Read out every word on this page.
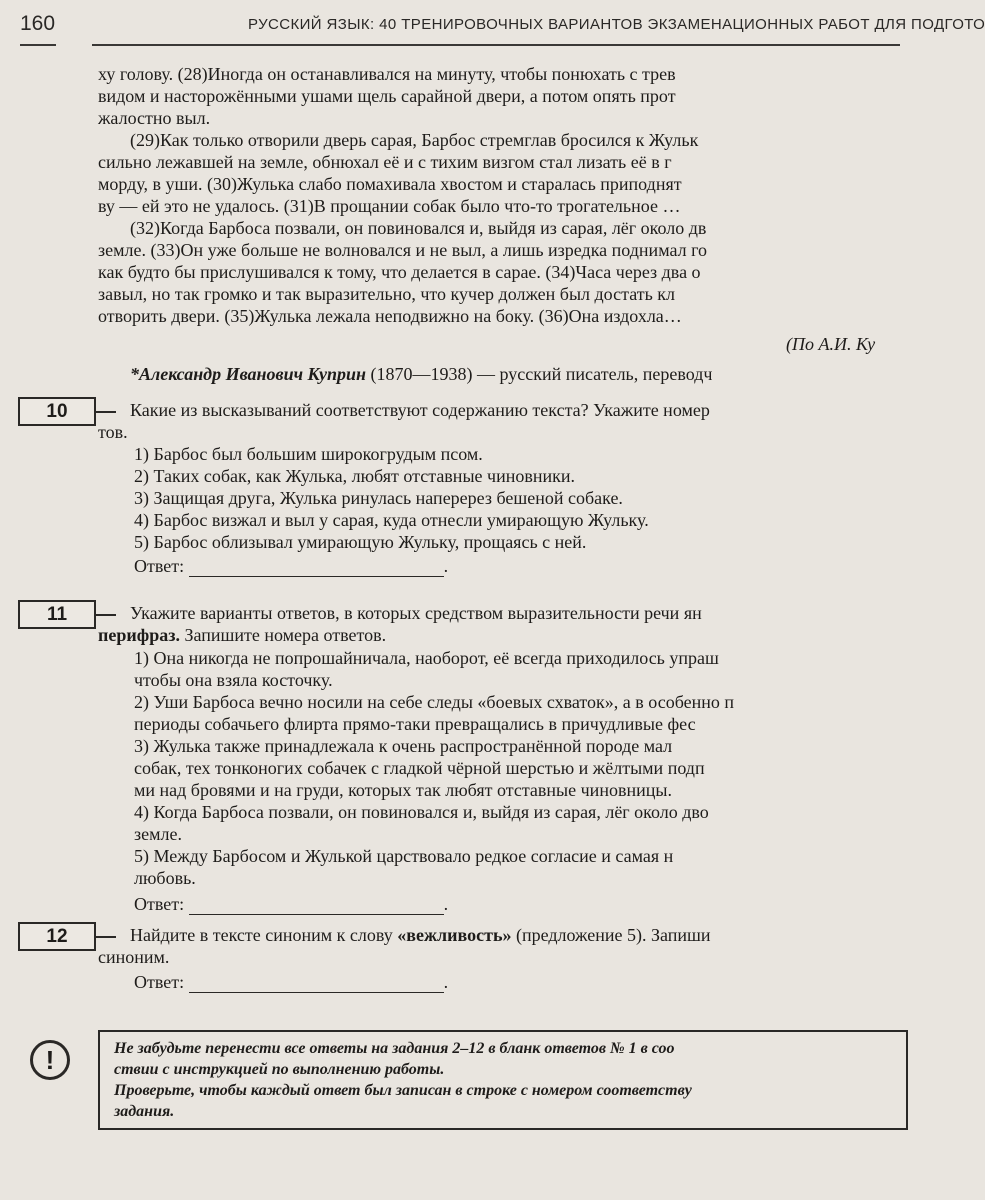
160	РУССКИЙ ЯЗЫК: 40 ТРЕНИРОВОЧНЫХ ВАРИАНТОВ ЭКЗАМЕНАЦИОННЫХ РАБОТ ДЛЯ ПОДГОТО
ху голову. (28)Иногда он останавливался на минуту, чтобы понюхать с трев
видом и насторожёнными ушами щель сарайной двери, а потом опять прот
жалостно выл.
(29)Как только отворили дверь сарая, Барбос стремглав бросился к Жульк
сильно лежавшей на земле, обнюхал её и с тихим визгом стал лизать её в г
морду, в уши. (30)Жулька слабо помахивала хвостом и старалась приподнят
ву — ей это не удалось. (31)В прощании собак было что-то трогательное …
(32)Когда Барбоса позвали, он повиновался и, выйдя из сарая, лёг около дв
земле. (33)Он уже больше не волновался и не выл, а лишь изредка поднимал го
как будто бы прислушивался к тому, что делается в сарае. (34)Часа через два о
завыл, но так громко и так выразительно, что кучер должен был достать кл
отворить двери. (35)Жулька лежала неподвижно на боку. (36)Она издохла…
(По А.И. Ку
*Александр Иванович Куприн (1870—1938) — русский писатель, переводч
10	Какие из высказываний соответствуют содержанию текста? Укажите номер
тов.
1) Барбос был большим широкогрудым псом.
2) Таких собак, как Жулька, любят отставные чиновники.
3) Защищая друга, Жулька ринулась наперерез бешеной собаке.
4) Барбос визжал и выл у сарая, куда отнесли умирающую Жульку.
5) Барбос облизывал умирающую Жульку, прощаясь с ней.
Ответ:	.
11	Укажите варианты ответов, в которых средством выразительности речи ян
перифраз. Запишите номера ответов.
1) Она никогда не попрошайничала, наоборот, её всегда приходилось упраш
чтобы она взяла косточку.
2) Уши Барбоса вечно носили на себе следы «боевых схваток», а в особенно п
периоды собачьего флирта прямо-таки превращались в причудливые фес
3) Жулька также принадлежала к очень распространённой породе мал
собак, тех тонконогих собачек с гладкой чёрной шерстью и жёлтыми подп
ми над бровями и на груди, которых так любят отставные чиновницы.
4) Когда Барбоса позвали, он повиновался и, выйдя из сарая, лёг около дво
земле.
5) Между Барбосом и Жулькой царствовало редкое согласие и самая н
любовь.
Ответ:	.
12	Найдите в тексте синоним к слову «вежливость» (предложение 5). Запиши
синоним.
Ответ:	.
!	Не забудьте перенести все ответы на задания 2–12 в бланк ответов № 1 в соо
ствии с инструкцией по выполнению работы.
Проверьте, чтобы каждый ответ был записан в строке с номером соответству
задания.
